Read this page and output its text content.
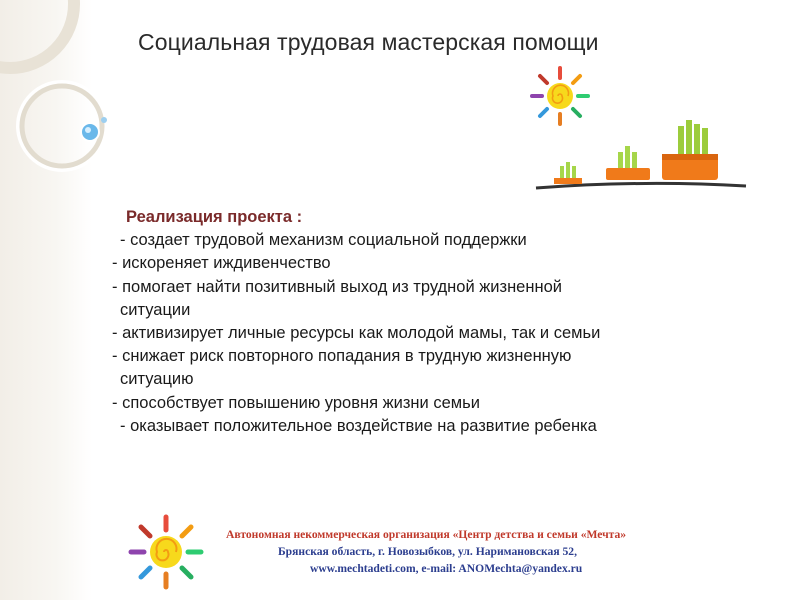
Социальная трудовая мастерская помощи
Реализация проекта :
- создает трудовой механизм социальной поддержки
- искореняет иждивенчество
- помогает найти позитивный выход из трудной жизненной
ситуации
- активизирует личные ресурсы как молодой мамы, так и семьи
- снижает риск повторного попадания в трудную жизненную
ситуацию
- способствует повышению уровня жизни семьи
- оказывает положительное воздействие на развитие ребенка
Автономная некоммерческая организация «Центр детства и семьи «Мечта»
Брянская область, г. Новозыбков, ул. Наримановская 52,
www.mechtadeti.com, e-mail: ANOMechta@yandex.ru
